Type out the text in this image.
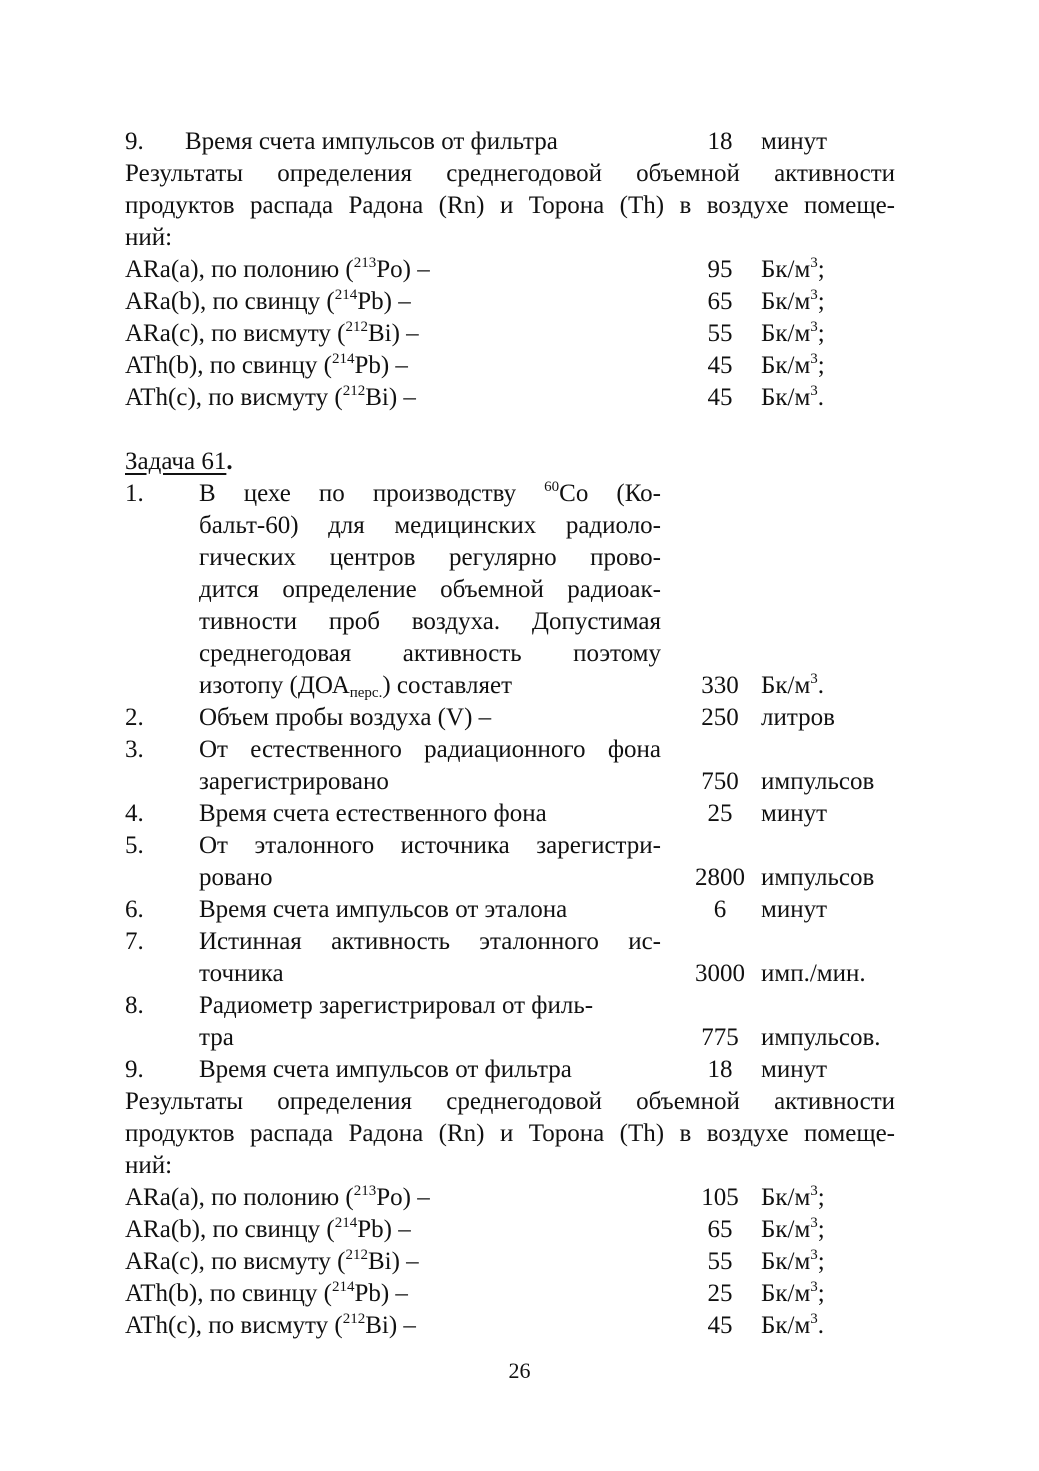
9. Время счета импульсов от фильтра	18	минут
Результаты определения среднегодовой объемной активности
продуктов распада Радона (Rn) и Торона (Th) в воздухе помеще-
ний:
ARa(a), по полонию ($^{213}$Po) –	95	$Бк/м^3$;
ARa(b), по свинцу ($^{214}$Pb) –	65	$Бк/м^3$;
ARa(c), по висмуту ($^{212}$Bi) –	55	$Бк/м^3$;
ATh(b), по свинцу ($^{214}$Pb) –	45	$Бк/м^3$;
ATh(c), по висмуту ($^{212}$Bi) –	45	$Бк/м^3$.
Задача 61.
1. В цехе по производству $^{60}$Co (Ко-
бальт-60) для медицинских радиоло-
гических центров регулярно прово-
дится определение объемной радиоак-
тивности проб воздуха. Допустимая
среднегодовая активность поэтому
изотопу $(ДОА_{перс.})$ составляет	330 $Бк/м^3$.
2. Объем пробы воздуха (V) –	250 литров
3. От естественного радиационного фона
зарегистрировано	750 импульсов
4. Время счета естественного фона	25	минут
5. От эталонного источника зарегистри-
ровано	2800 импульсов
6. Время счета импульсов от эталона	6	минут
7. Истинная активность эталонного ис-
точника	3000 имп./мин.
8. Радиометр зарегистрировал от филь-
тра	775 импульсов.
9. Время счета импульсов от фильтра	18	минут
Результаты определения среднегодовой объемной активности
продуктов распада Радона (Rn) и Торона (Th) в воздухе помеще-
ний:
ARa(a), по полонию ($^{213}$Po) –	105 $Бк/м^3$;
ARa(b), по свинцу ($^{214}$Pb) –	65	$Бк/м^3$;
ARa(c), по висмуту ($^{212}$Bi) –	55	$Бк/м^3$;
ATh(b), по свинцу ($^{214}$Pb) –	25	$Бк/м^3$;
ATh(c), по висмуту ($^{212}$Bi) –	45	$Бк/м^3$.
26
